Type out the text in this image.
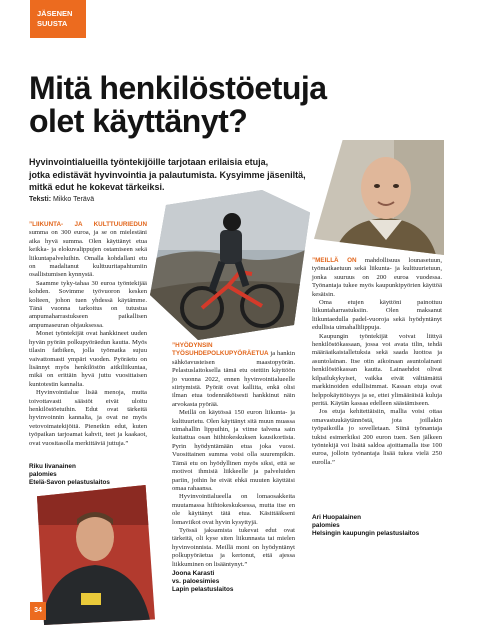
JÄSENEN
SUUSTA
Mitä henkilöstöetuja
olet käyttänyt?
Hyvinvointialueilla työntekijöille tarjotaan erilaisia etuja,
jotka edistävät hyvinvointia ja palautumista. Kysyimme jäseniltä,
mitkä edut he kokevat tärkeiksi.
Teksti: Mikko Terävä

”LIIKUNTA- JA KULTTUURIEDUN summa on 300 euroa, ja se on mielestäni aika hyvä summa. Olen käyttänyt etua keikka- ja elokuvalippujen ostamiseen sekä liikuntapalveluihin. Omalla kohdallani etu on madaltanut kulttuuritapahtumiin osallistumisen kynnystä.

Saamme tyky-tahaa 30 euroa työntekijää kohden. Sovimme työvuoron kesken kolteen, johon tuen yhdessä käytämme. Tänä vuonna tarkoitus on tutustua ampumaharrastukseen paikallisen ampumaseuran ohjauksessa.

Monet työntekijät ovat hankkineet uuden hyvän pyörän polkupyöräedun kautta. Myös tilasin fatbiken, jolla työmatka sujuu vaivattomasti ympäri vuoden. Pyöräetu on lisännyt myös henkilöstön aitkiliikuntaa, mikä on erittäin hyvä juttu vuosittaisen kuntotestin kannalta.

Hyvinvointialue lisää menoja, mutta toivottavasti säästöt eivät uloitu henkilöstöetuihin. Edut ovat tärkeitä hyvinvoinnin kannalta, ja ovat ne myös vetovoimatekijöitä. Pienetkin edut, kuten työpaikan tarjoamat kahvit, teet ja kaakaot, ovat vuositasolla merkittäviä juttuja.”

Riku Iivanainen
palomies
Etelä-Savon pelastuslaitos

”HYÖDYNSIN TYÖSUHDEPOLKUPYÖRÄETUA ja hankin sähköavusteisen maastopyörän. Pelastuslaitoksella tämä etu otettiin käyttöön jo vuonna 2022, ennen hyvinvointialueelle siirtymistä. Pyörät ovat kalliita, enkä olisi ilman etua todennäköisesti hankkinut näin arvokasta pyörää.

Meillä on käytössä 150 euron liikunta- ja kulttuurietu. Olen käyttänyt sitä muun muassa uimahallin lippuihin, ja viime talvena sain kuitattua osan hiihtokeskuksen kausikortista. Pyrin hyödyntämään etua joka vuosi. Vuosittainen summa voisi olla suurempikin. Tämä etu on hyödyllinen myös siksi, että se motivoi ihmisiä liikkeelle ja palveluiden pariin, joihin he eivät ehkä muuten käyttäisi omaa rahaansa.

Hyvinvointialueella on lomaosakkeita muutamassa hiihtokeskuksessa, mutta itse en ole käyttänyt tätä etua. Käsittääkseni lomaviikot ovat hyvin kysyttyjä.

Työssä jaksamista tukevat edut ovat tärkeitä, oli kyse siten liikunnasta tai mielen hyvinvoinnista. Meillä moni on hyödyntänyt polkupyöräetua ja kertonut, että ajessa liikkuminen on lisääntynyt.”

Joona Karasti
vs. paloesimies
Lapin pelastuslaitos

”MEILLÄ ON mahdollisuus lounasetuun, työmatkaetuun sekä liikunta- ja kulttuurietuun, jonka suuruus on 200 euroa vuodessa. Työnantaja tukee myös kaupunkipyörien käyttöä kesäisin.

Oma etujen käyttöni painottuu liikuntaharrastuksiin. Olen maksanut liikuntaedulla padel-vuoroja sekä hyödyntänyt edullisia uimahallilippuja.

Kaupungin työntekijät voivat liittyä henkilöstökassaan, jossa voi avata tilin, tehdä määräaikaistalletuksia sekä saada luottoa ja asuntolainan. Itse otin aikoinaan asuntolainani henkilöstökassan kautta. Lainaehdot olivat kilpailukykyiset, vaikka eivät välttämättä markkinoiden edullisimmat. Kassan etuja ovat helppokäyttöisyys ja se, ettei ylimääräisiä kuluja peritä. Käytän kassaa edelleen säästämiseen.

Jos etuja kehitettäisiin, mallia voisi ottaa omavastuukäytännöstä, jota joillakin työpaikoilla jo sovelletaan. Siinä työnantaja tukisi esimerkiksi 200 euron tuen. Sen jälkeen työntekijä voi lisätä saldoa ajoittamalla itse 100 euroa, jolloin työnantaja lisää tukea vielä 250 eurolla.”

Ari Huopalainen
palomies
Helsingin kaupungin pelastuslaitos
34
